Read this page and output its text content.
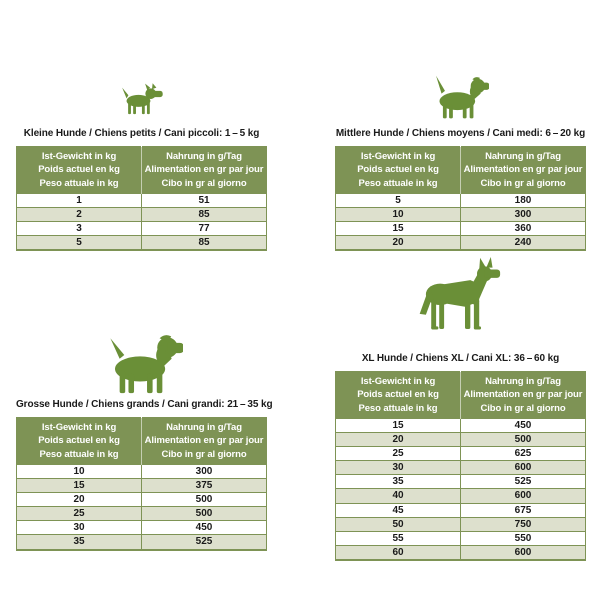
Kleine Hunde / Chiens petits / Cani piccoli: 1 – 5 kg
Ist-Gewicht in kg
Poids actuel en kg
Peso attuale in kg

Nahrung in g/Tag
Alimentation en gr par jour
Cibo in gr al giorno

1	51
2	85
3	77
5	85
Mittlere Hunde / Chiens moyens / Cani medi: 6 – 20 kg
Ist-Gewicht in kg
Poids actuel en kg
Peso attuale in kg

Nahrung in g/Tag
Alimentation en gr par jour
Cibo in gr al giorno

5	180
10	300
15	360
20	240
Grosse Hunde / Chiens grands / Cani grandi: 21 – 35 kg
Ist-Gewicht in kg
Poids actuel en kg
Peso attuale in kg

Nahrung in g/Tag
Alimentation en gr par jour
Cibo in gr al giorno

10	300
15	375
20	500
25	500
30	450
35	525
XL Hunde / Chiens XL / Cani XL: 36 – 60 kg
Ist-Gewicht in kg
Poids actuel en kg
Peso attuale in kg

Nahrung in g/Tag
Alimentation en gr par jour
Cibo in gr al giorno

15	450
20	500
25	625
30	600
35	525
40	600
45	675
50	750
55	550
60	600
